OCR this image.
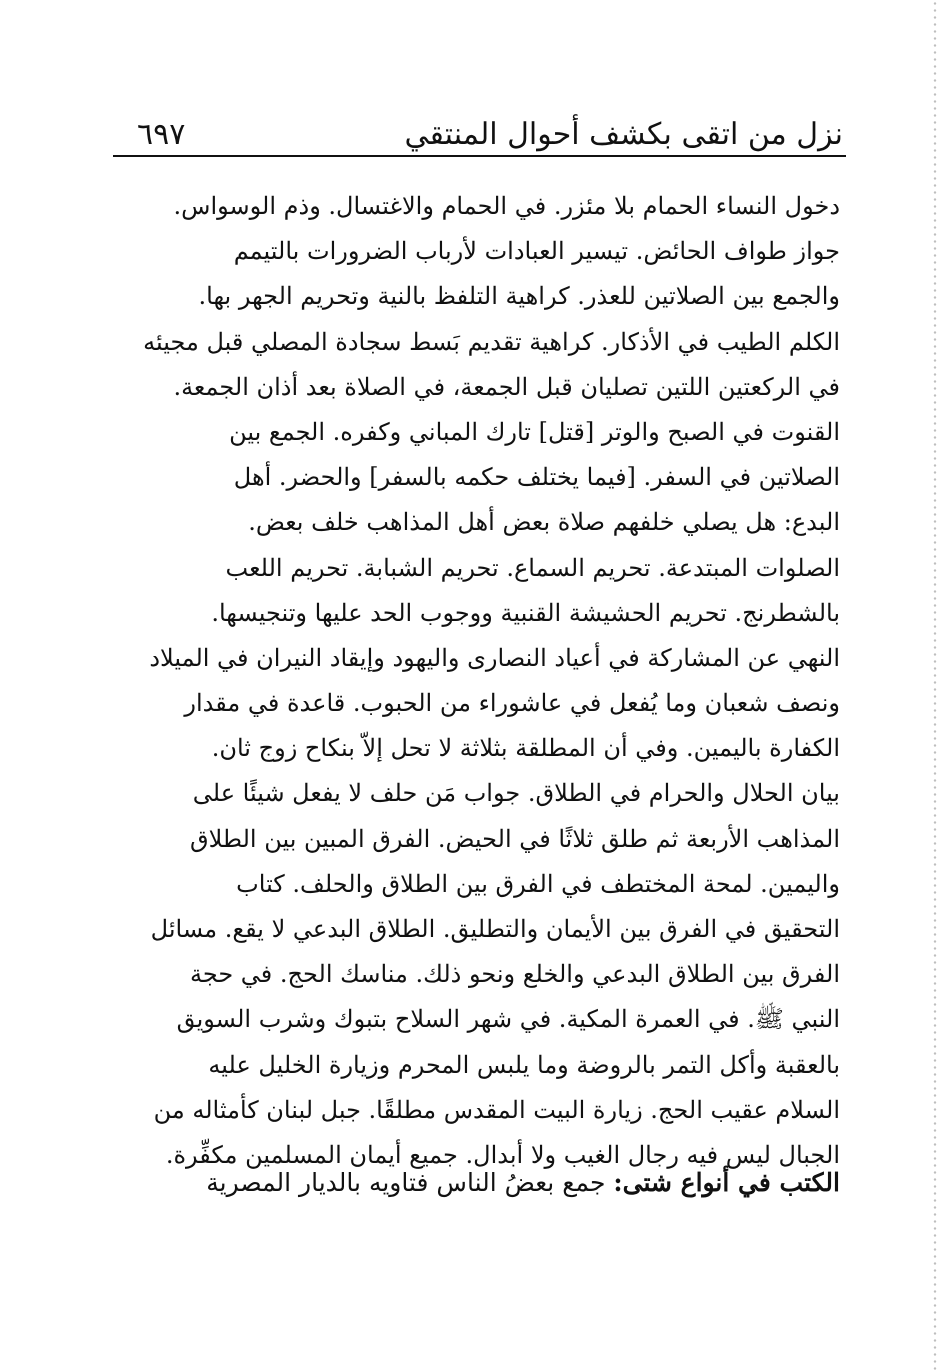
نزل من اتقى بكشف أحوال المنتقي
٦٩٧
دخول النساء الحمام بلا مئزر. في الحمام والاغتسال. وذم الوسواس.
جواز طواف الحائض. تيسير العبادات لأرباب الضرورات بالتيمم
والجمع بين الصلاتين للعذر. كراهية التلفظ بالنية وتحريم الجهر بها.
الكلم الطيب في الأذكار. كراهية تقديم بَسط سجادة المصلي قبل مجيئه
في الركعتين اللتين تصليان قبل الجمعة، في الصلاة بعد أذان الجمعة.
القنوت في الصبح والوتر [قتل] تارك المباني وكفره. الجمع بين
الصلاتين في السفر. [فيما يختلف حكمه بالسفر] والحضر. أهل
البدع: هل يصلي خلفهم صلاة بعض أهل المذاهب خلف بعض.
الصلوات المبتدعة. تحريم السماع. تحريم الشبابة. تحريم اللعب
بالشطرنج. تحريم الحشيشة القنبية ووجوب الحد عليها وتنجيسها.
النهي عن المشاركة في أعياد النصارى واليهود وإيقاد النيران في الميلاد
ونصف شعبان وما يُفعل في عاشوراء من الحبوب. قاعدة في مقدار
الكفارة باليمين. وفي أن المطلقة بثلاثة لا تحل إلاّ بنكاح زوج ثان.
بيان الحلال والحرام في الطلاق. جواب مَن حلف لا يفعل شيئًا على
المذاهب الأربعة ثم طلق ثلاثًا في الحيض. الفرق المبين بين الطلاق
واليمين. لمحة المختطف في الفرق بين الطلاق والحلف. كتاب
التحقيق في الفرق بين الأيمان والتطليق. الطلاق البدعي لا يقع. مسائل
الفرق بين الطلاق البدعي والخلع ونحو ذلك. مناسك الحج. في حجة
النبي ﷺ. في العمرة المكية. في شهر السلاح بتبوك وشرب السويق
بالعقبة وأكل التمر بالروضة وما يلبس المحرم وزيارة الخليل عليه
السلام عقيب الحج. زيارة البيت المقدس مطلقًا. جبل لبنان كأمثاله من
الجبال ليس فيه رجال الغيب ولا أبدال. جميع أيمان المسلمين مكفِّرة.
الكتب في أنواع شتى: جمع بعضُ الناس فتاويه بالديار المصرية
